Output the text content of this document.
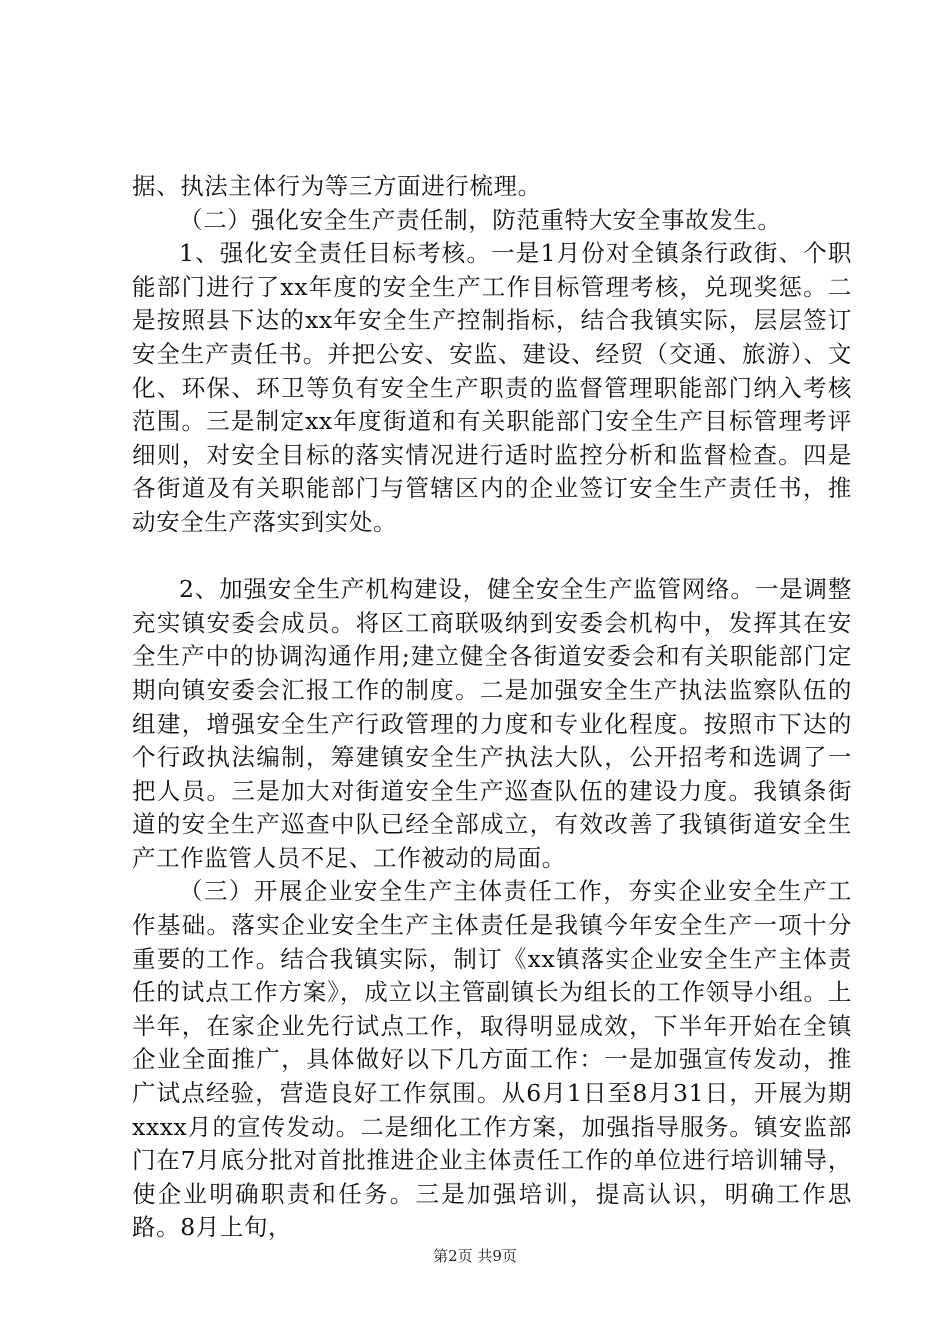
据、执法主体行为等三方面进行梳理。

（二）强化安全生产责任制，防范重特大安全事故发生。

1、强化安全责任目标考核。一是1月份对全镇条行政街、个职能部门进行了xx年度的安全生产工作目标管理考核，兑现奖惩。二是按照县下达的xx年安全生产控制指标，结合我镇实际，层层签订安全生产责任书。并把公安、安监、建设、经贸（交通、旅游）、文化、环保、环卫等负有安全生产职责的监督管理职能部门纳入考核范围。三是制定xx年度街道和有关职能部门安全生产目标管理考评细则，对安全目标的落实情况进行适时监控分析和监督检查。四是各街道及有关职能部门与管辖区内的企业签订安全生产责任书，推动安全生产落实到实处。

2、加强安全生产机构建设，健全安全生产监管网络。一是调整充实镇安委会成员。将区工商联吸纳到安委会机构中，发挥其在安全生产中的协调沟通作用;建立健全各街道安委会和有关职能部门定期向镇安委会汇报工作的制度。二是加强安全生产执法监察队伍的组建，增强安全生产行政管理的力度和专业化程度。按照市下达的个行政执法编制，筹建镇安全生产执法大队，公开招考和选调了一把人员。三是加大对街道安全生产巡查队伍的建设力度。我镇条街道的安全生产巡查中队已经全部成立，有效改善了我镇街道安全生产工作监管人员不足、工作被动的局面。

（三）开展企业安全生产主体责任工作，夯实企业安全生产工作基础。落实企业安全生产主体责任是我镇今年安全生产一项十分重要的工作。结合我镇实际，制订《xx镇落实企业安全生产主体责任的试点工作方案》，成立以主管副镇长为组长的工作领导小组。上半年，在家企业先行试点工作，取得明显成效，下半年开始在全镇企业全面推广，具体做好以下几方面工作：一是加强宣传发动，推广试点经验，营造良好工作氛围。从6月1日至8月31日，开展为期xxxx月的宣传发动。二是细化工作方案，加强指导服务。镇安监部门在7月底分批对首批推进企业主体责任工作的单位进行培训辅导，使企业明确职责和任务。三是加强培训，提高认识，明确工作思路。8月上旬，

第2页 共9页
